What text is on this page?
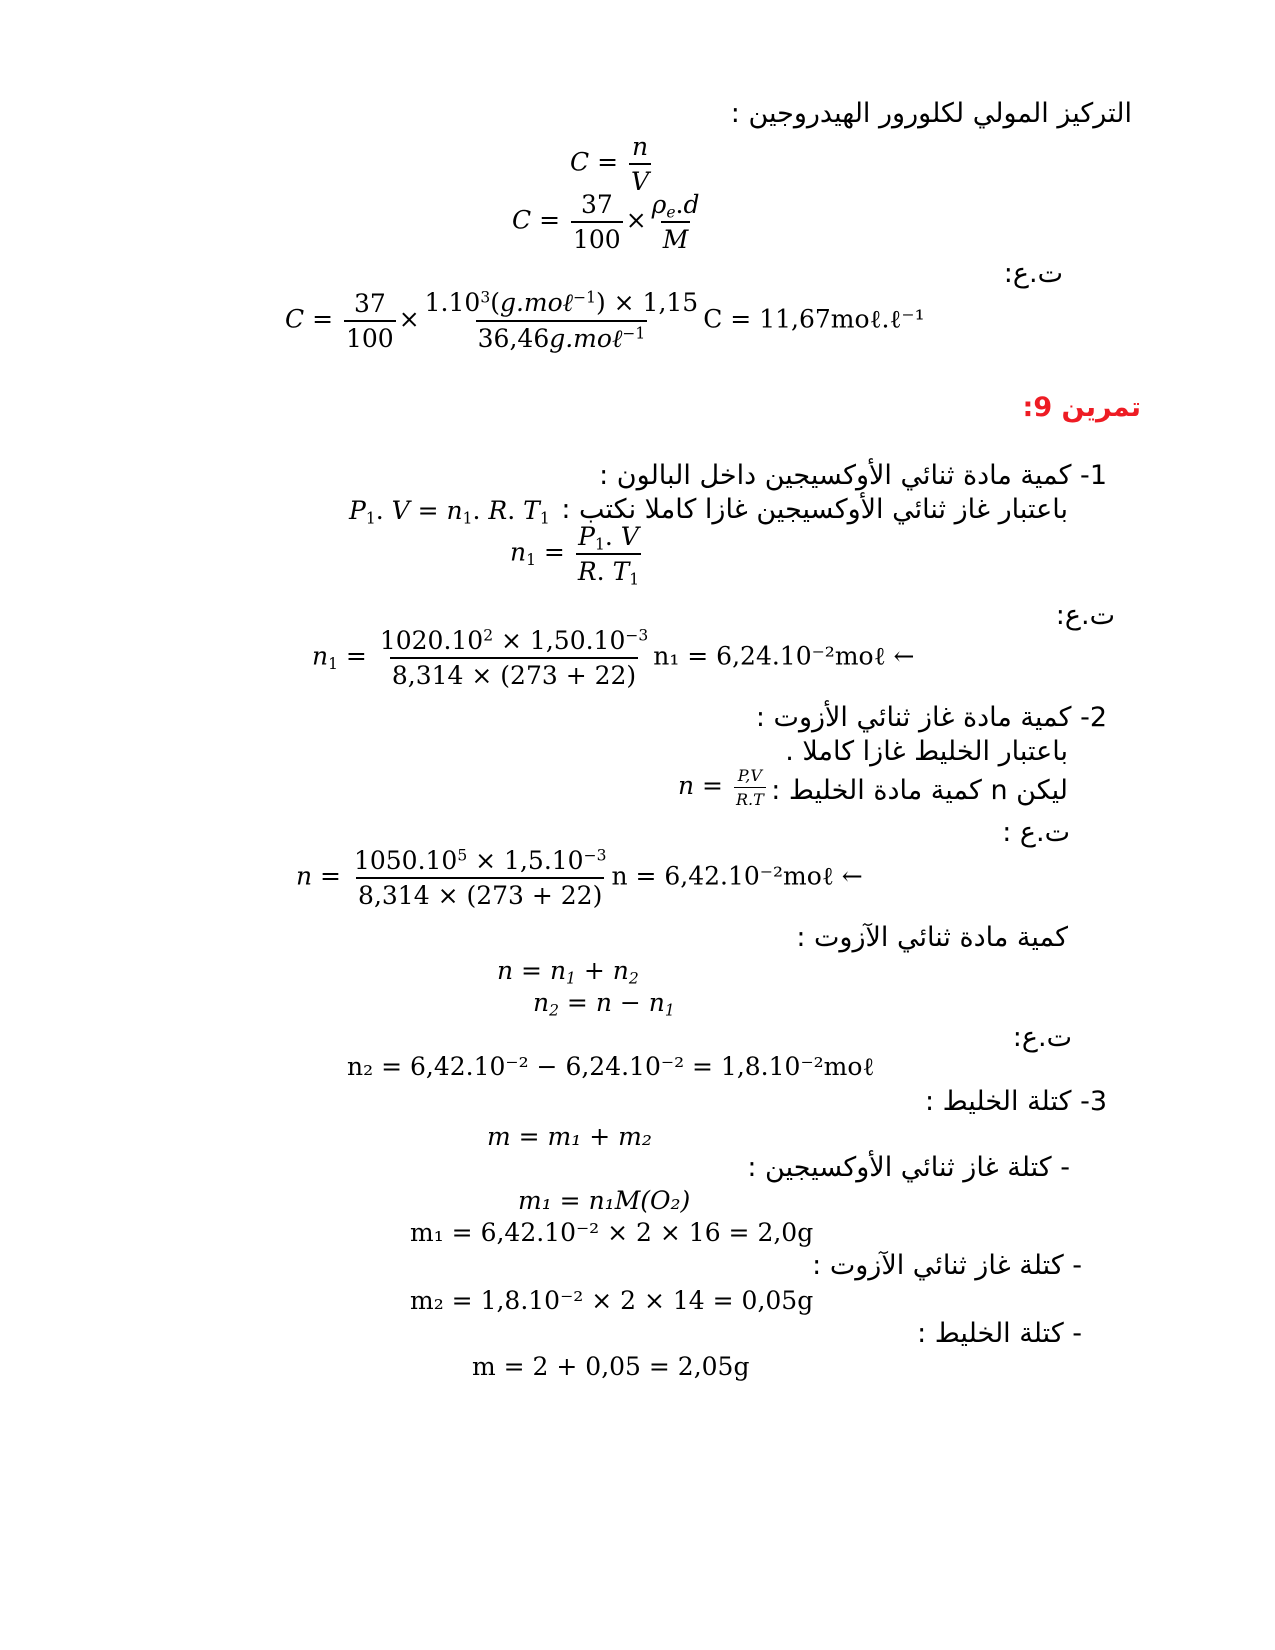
التركيز المولي لكلورور الهيدروجين :
$C = \frac{n}{V}$
$C = \frac{37}{100} \times \frac{\rho_e.d}{M}$
ت.ع:
$C = \frac{37}{100} \times \frac{1.10^3(g.mo\ell^{-1}) \times 1,15}{36,46g.mo\ell^{-1}}$ C = 11,67moℓ.ℓ⁻¹
تمرين 9:
1- كمية مادة ثنائي الأوكسيجين داخل البالون :
باعتبار غاز ثنائي الأوكسيجين غازا كاملا نكتب :
$P_1$. $V = n_1$. R. $T_1$
$n_1 = \frac{P_1. V}{R. T_1}$
ت.ع:
$n_1 = \frac{1020.10^2 \times 1,50.10^{-3}}{8,314 \times (273 + 22)} n_1$ = 6,24.10⁻²moℓ ←
2- كمية مادة غاز ثنائي الأزوت :
باعتبار الخليط غازا كاملا .
ليكن n كمية مادة الخليط :
$n = \frac{P,V}{R.T}$
ت.ع :
$n = \frac{1050.10^5 \times 1,5.10^{-3}}{8,314 \times (273 + 22)}$ n = 6,42.10⁻²moℓ ←
كمية مادة ثنائي الآزوت :
$n = n_1 + n_2$
$n_2 = n - n_1$
ت.ع:
n₂ = 6,42.10⁻² − 6,24.10⁻² = 1,8.10⁻²moℓ
3- كتلة الخليط :
m = m₁ + m₂
- كتلة غاز ثنائي الأوكسيجين :
m₁ = n₁M(O₂)
m₁ = 6,42.10⁻² × 2 × 16 = 2,0g
- كتلة غاز ثنائي الآزوت :
m₂ = 1,8.10⁻² × 2 × 14 = 0,05g
- كتلة الخليط :
m = 2 + 0,05 = 2,05g
